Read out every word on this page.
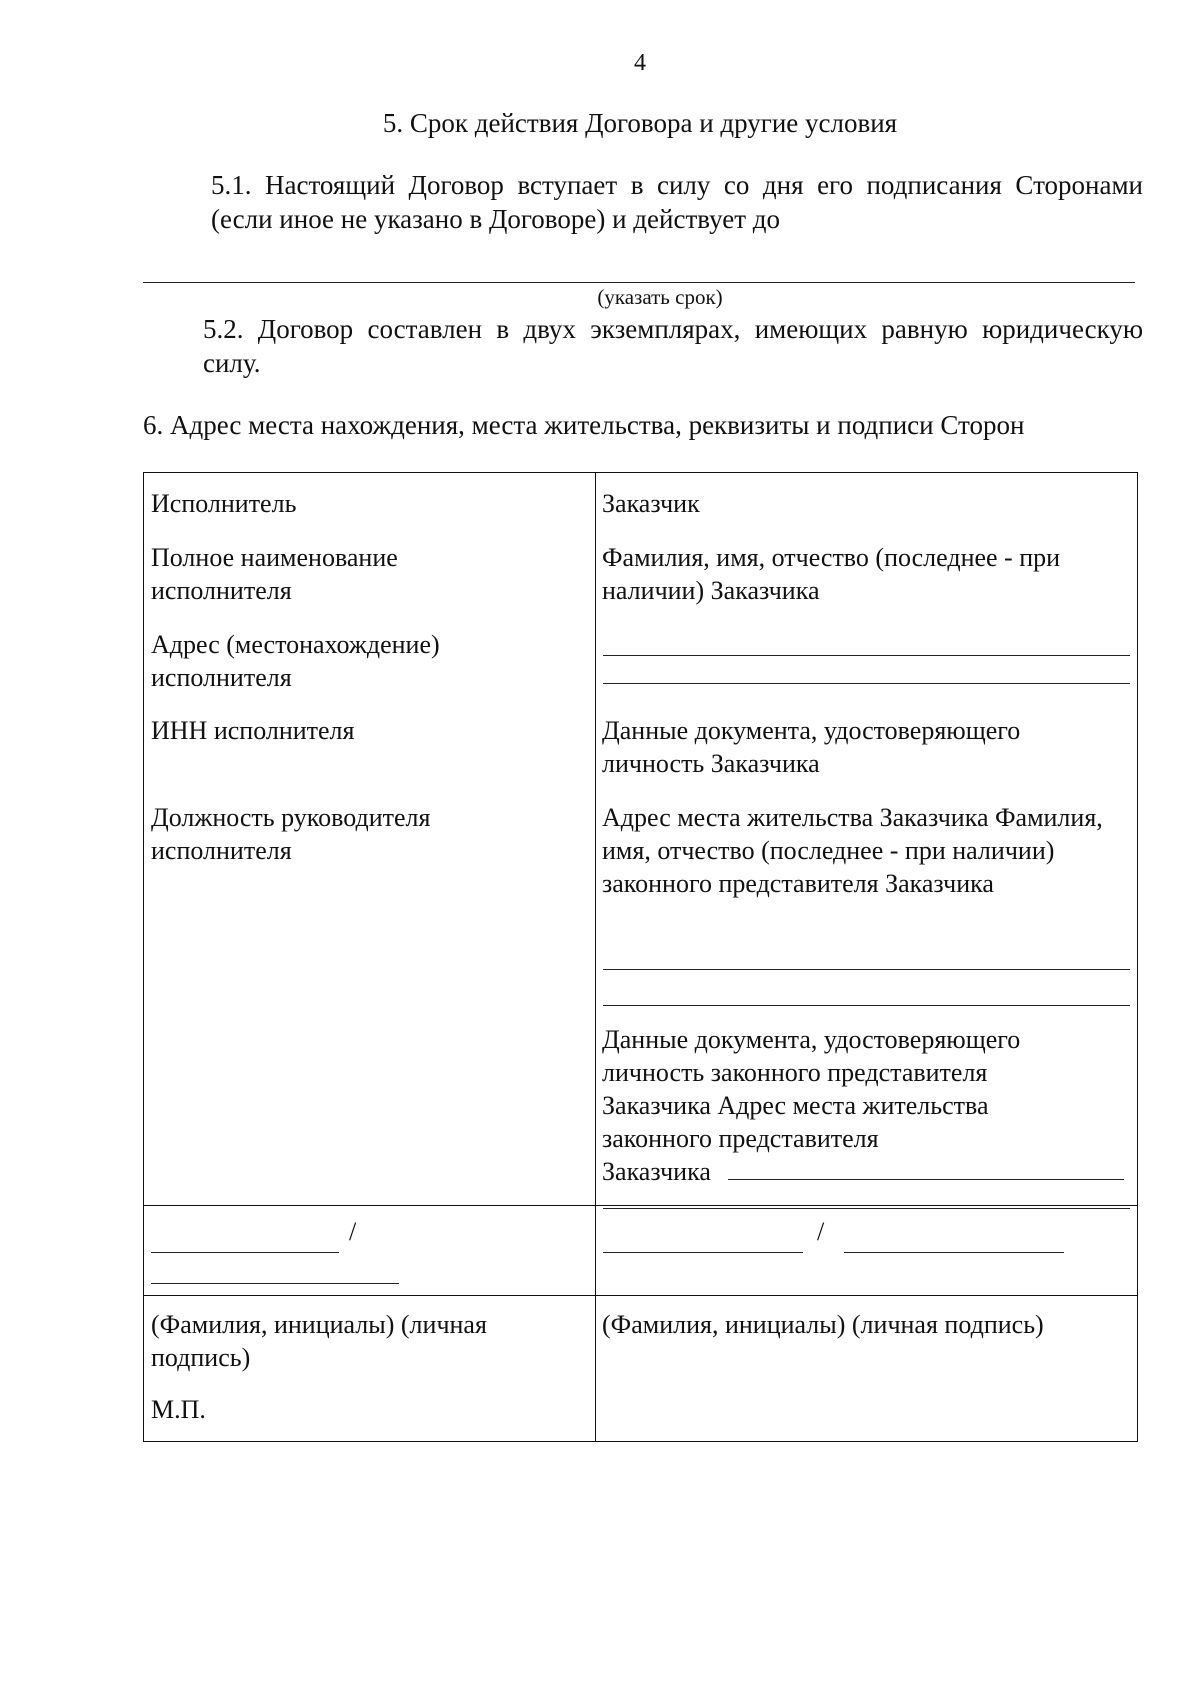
4
5. Срок действия Договора и другие условия
5.1. Настоящий Договор вступает в силу со дня его подписания Сторонами (если иное не указано в Договоре) и действует до
(указать срок)
5.2. Договор составлен в двух экземплярах, имеющих равную юридическую силу.
6. Адрес места нахождения, места жительства, реквизиты и подписи Сторон
Исполнитель
Полное наименование исполнителя
Адрес (местонахождение) исполнителя
ИНН исполнителя
Должность руководителя исполнителя
/
(Фамилия, инициалы) (личная подпись)
М.П.
Заказчик
Фамилия, имя, отчество (последнее - при наличии) Заказчика
Данные документа, удостоверяющего личность Заказчика
Адрес места жительства Заказчика Фамилия, имя, отчество (последнее - при наличии) законного представителя Заказчика
Данные документа, удостоверяющего личность законного представителя Заказчика Адрес места жительства законного представителя
Заказчика
/
(Фамилия, инициалы) (личная подпись)
